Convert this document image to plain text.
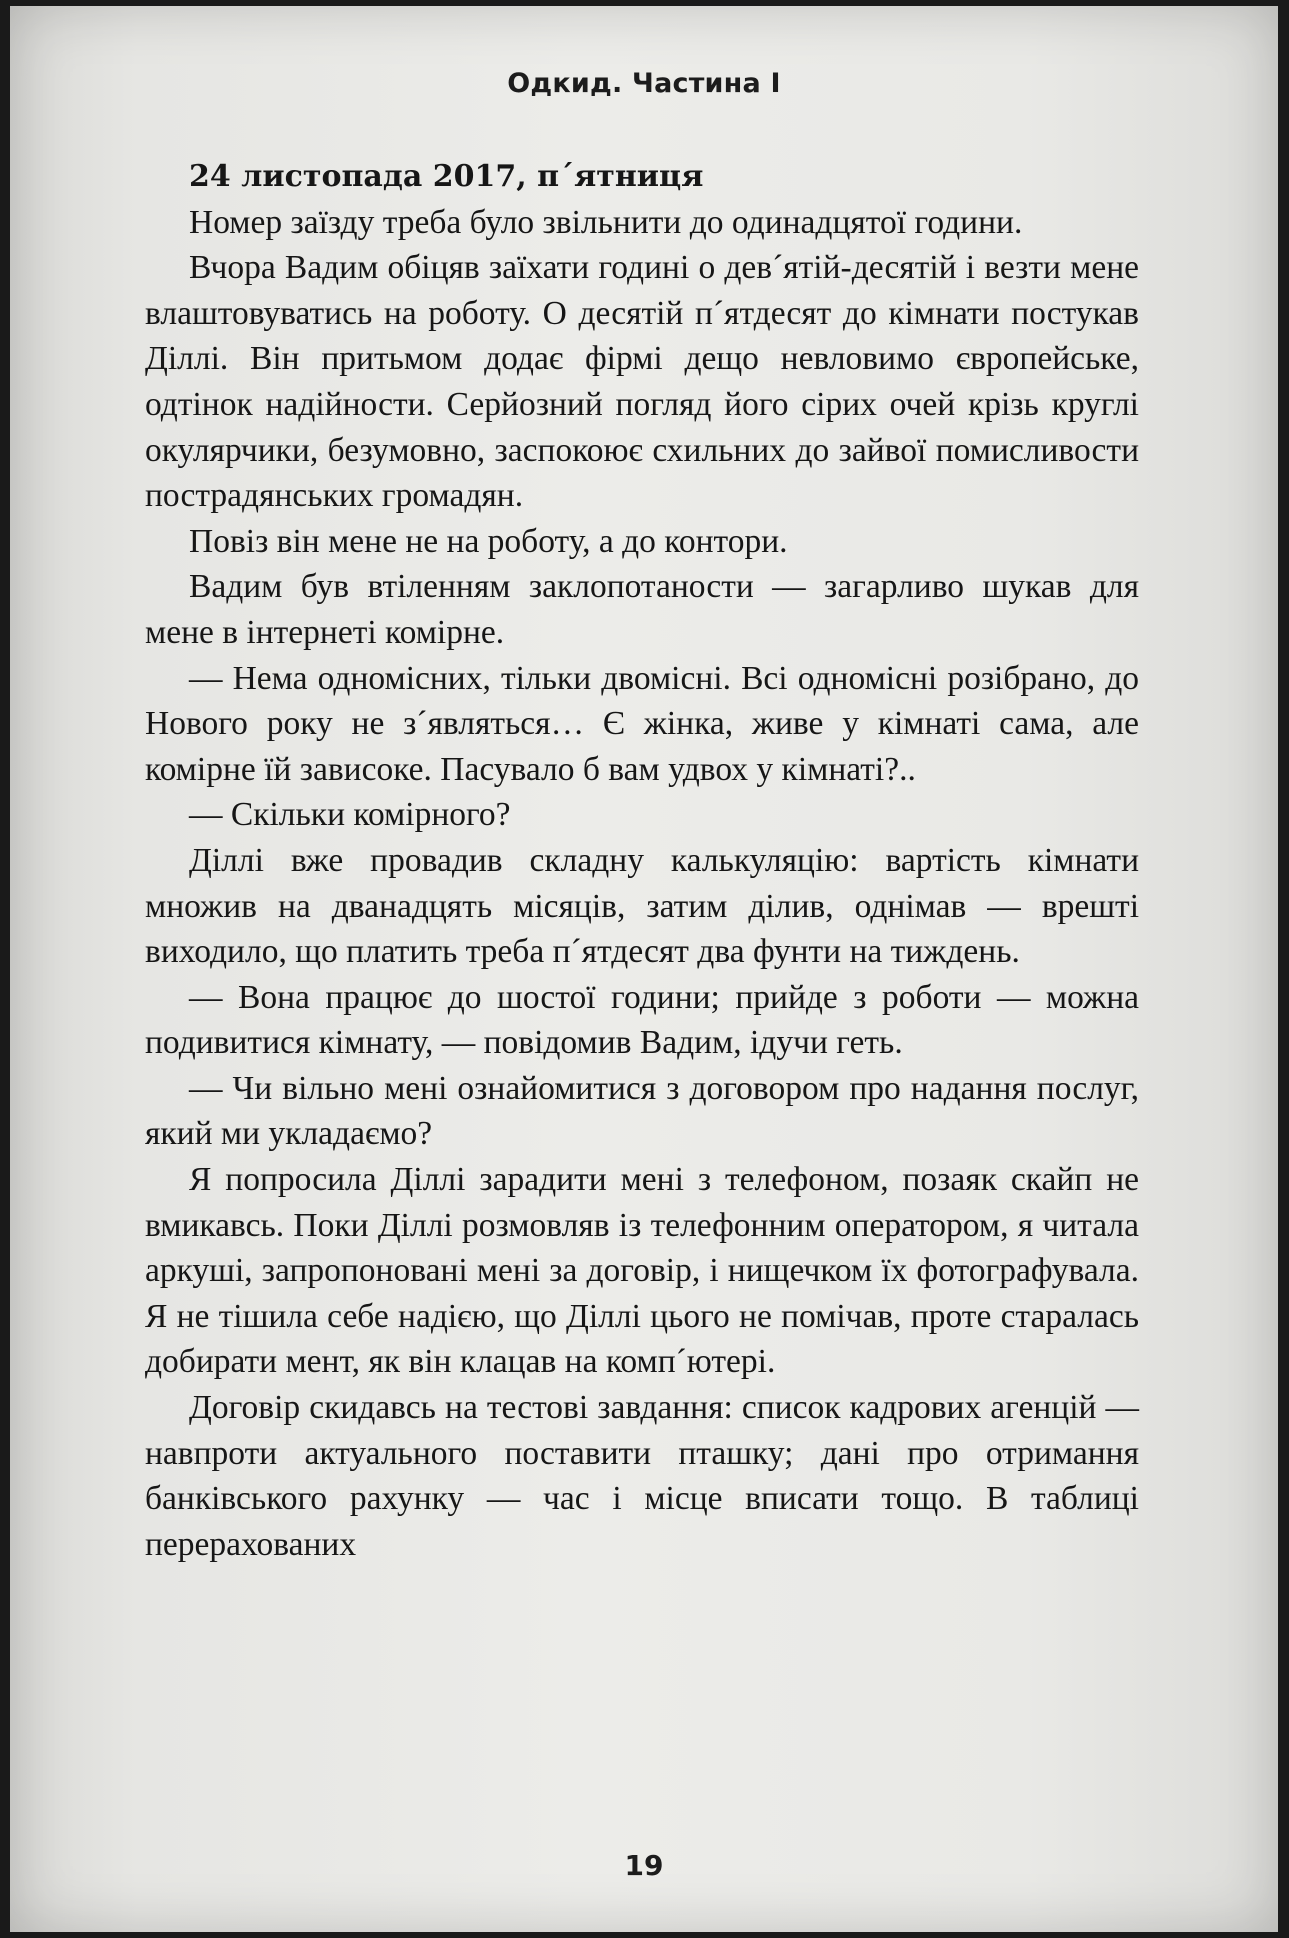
Одкид. Частина I

24 листопада 2017, п´ятниця

Номер заїзду треба було звільнити до одинадцятої години.

Вчора Вадим обіцяв заїхати годині о дев´ятій-десятій і везти мене влаштовуватись на роботу. О десятій п´ятдесят до кімнати постукав Діллі. Він притьмом додає фірмі дещо невловимо європейське, одтінок надійности. Серйозний погляд його сірих очей крізь круглі окулярчики, безумовно, заспокоює схильних до зайвої помисливости пострадянських громадян.

Повіз він мене не на роботу, а до контори.

Вадим був втіленням заклопотаности — загарливо шукав для мене в інтернеті комірне.

— Нема одномісних, тільки двомісні. Всі одномісні розібрано, до Нового року не з´являться… Є жінка, живе у кімнаті сама, але комірне їй зависоке. Пасувало б вам удвох у кімнаті?..

— Скільки комірного?

Діллі вже провадив складну калькуляцію: вартість кімнати множив на дванадцять місяців, затим ділив, однімав — врешті виходило, що платить треба п´ятдесят два фунти на тиждень.

— Вона працює до шостої години; прийде з роботи — можна подивитися кімнату, — повідомив Вадим, ідучи геть.

— Чи вільно мені ознайомитися з договором про надання послуг, який ми укладаємо?

Я попросила Діллі зарадити мені з телефоном, позаяк скайп не вмикавсь. Поки Діллі розмовляв із телефонним оператором, я читала аркуші, запропоновані мені за договір, і нищечком їх фотографувала. Я не тішила себе надією, що Діллі цього не помічав, проте старалась добирати мент, як він клацав на комп´ютері.

Договір скидавсь на тестові завдання: список кадрових агенцій — навпроти актуального поставити пташку; дані про отримання банківського рахунку — час і місце вписати тощо. В таблиці перерахованих

19
